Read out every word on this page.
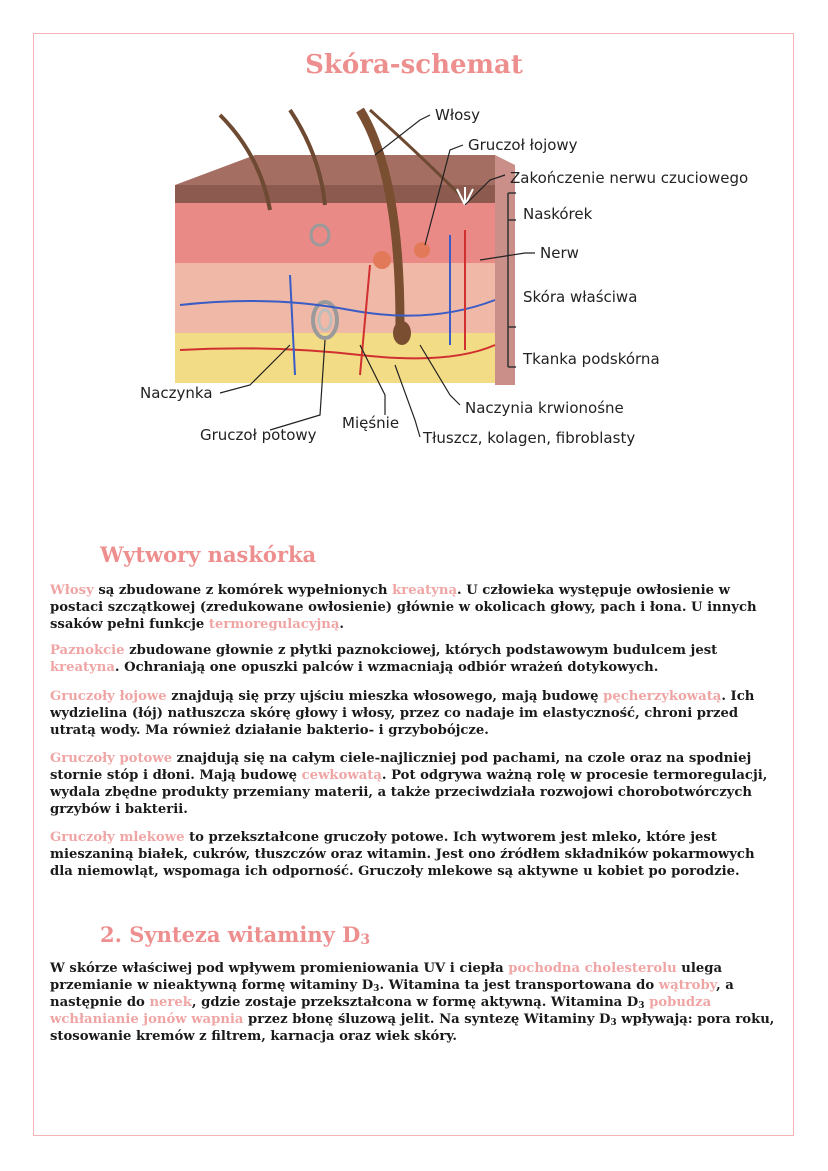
Skóra-schemat
Włosy
Gruczoł łojowy
Zakończenie nerwu czuciowego
Naskórek
Nerw
Skóra właściwa
Tkanka podskórna
Naczynka
Mięśnie
Naczynia krwionośne
Gruczoł potowy	Tłuszcz, kolagen, fibroblasty
Wytwory naskórka
Włosy są zbudowane z komórek wypełnionych kreatyną. U człowieka występuje owłosienie w postaci szczątkowej (zredukowane owłosienie) głównie w okolicach głowy, pach i łona. U innych ssaków pełni funkcje termoregulacyjną.
Paznokcie zbudowane głownie z płytki paznokciowej, których podstawowym budulcem jest kreatyna. Ochraniają one opuszki palców i wzmacniają odbiór wrażeń dotykowych.
Gruczoły łojowe znajdują się przy ujściu mieszka włosowego, mają budowę pęcherzykowatą. Ich wydzielina (łój) natłuszcza skórę głowy i włosy, przez co nadaje im elastyczność, chroni przed utratą wody. Ma również działanie bakterio- i grzybobójcze.
Gruczoły potowe znajdują się na całym ciele-najliczniej pod pachami, na czole oraz na spodniej stornie stóp i dłoni. Mają budowę cewkowatą. Pot odgrywa ważną rolę w procesie termoregulacji, wydala zbędne produkty przemiany materii, a także przeciwdziała rozwojowi chorobotwórczych grzybów i bakterii.
Gruczoły mlekowe to przekształcone gruczoły potowe. Ich wytworem jest mleko, które jest mieszaniną białek, cukrów, tłuszczów oraz witamin. Jest ono źródłem składników pokarmowych dla niemowląt, wspomaga ich odporność. Gruczoły mlekowe są aktywne u kobiet po porodzie.
2. Synteza witaminy $D_3$
W skórze właściwej pod wpływem promieniowania UV i ciepła pochodna cholesterolu ulega przemianie w nieaktywną formę witaminy $D_3$. Witamina ta jest transportowana do wątroby, a następnie do nerek, gdzie zostaje przekształcona w formę aktywną. Witamina $D_3$ pobudza wchłanianie jonów wapnia przez błonę śluzową jelit. Na syntezę Witaminy $D_3$ wpływają: pora roku, stosowanie kremów z filtrem, karnacja oraz wiek skóry.
